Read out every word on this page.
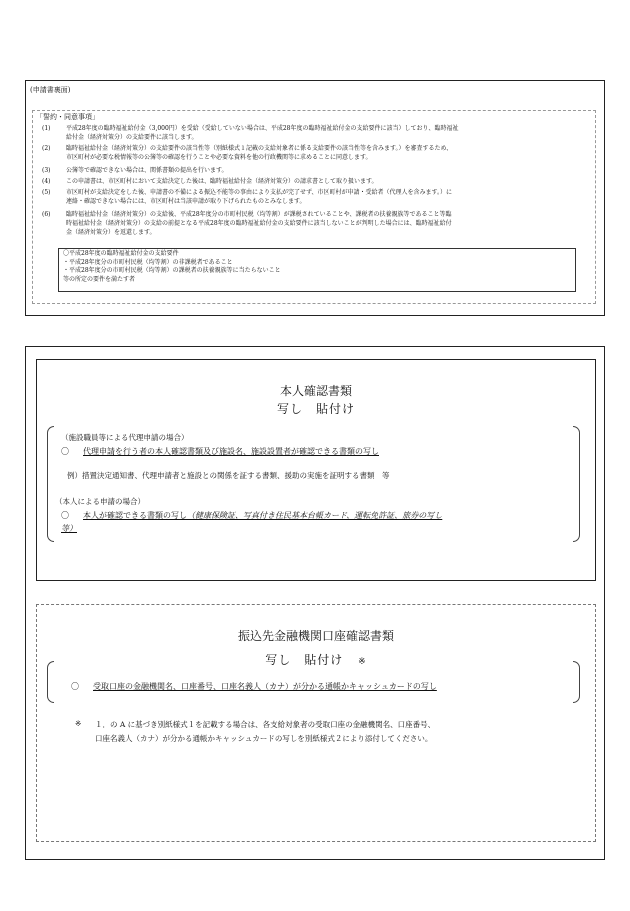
(申請書裏面)
「誓約・同意事項」
(1)	平成28年度の臨時福祉給付金（3,000円）を受給（受給していない場合は、平成28年度の臨時福祉給付金の支給要件に該当）しており、臨時福祉
給付金（経済対策分）の支給要件に該当します。
(2)	臨時福祉給付金（経済対策分）の支給要件の該当性等（別紙様式１記載の支給対象者に係る支給要件の該当性等を含みます。）を審査するため、
市区町村が必要な税情報等の公簿等の確認を行うことや必要な資料を他の行政機関等に求めることに同意します。
(3)	公簿等で確認できない場合は、関係書類の提出を行います。
(4)	この申請書は、市区町村において支給決定した後は、臨時福祉給付金（経済対策分）の請求書として取り扱います。
(5)	市区町村が支給決定をした後、申請書の不備による振込不能等の事由により支払が完了せず、市区町村が申請・受給者（代理人を含みます。）に
連絡・確認できない場合には、市区町村は当該申請が取り下げられたものとみなします。
(6)	臨時福祉給付金（経済対策分）の支給後、平成28年度分の市町村民税（均等割）が課税されていることや、課税者の扶養親族等であること等臨
時福祉給付金（経済対策分）の支給の前提となる平成28年度の臨時福祉給付金の支給要件に該当しないことが判明した場合には、臨時福祉給付
金（経済対策分）を返還します。
〇平成28年度の臨時福祉給付金の支給要件
・平成28年度分の市町村民税（均等割）の非課税者であること
・平成28年度分の市町村民税（均等割）の課税者の扶養親族等に当たらないこと
等の所定の要件を満たす者
本人確認書類
写し　貼付け
（施設職員等による代理申請の場合）
〇 代理申請を行う者の本人確認書類及び施設名、施設設置者が確認できる書類の写し
例）措置決定通知書、代理申請者と施設との関係を証する書類、援助の実施を証明する書類　等
（本人による申請の場合）
〇 本人が確認できる書類の写し（健康保険証、写真付き住民基本台帳カード、運転免許証、旅券の写し
等）
振込先金融機関口座確認書類
写し　貼付け ※
〇 受取口座の金融機関名、口座番号、口座名義人（カナ）が分かる通帳かキャッシュカードの写し
※ １．の A に基づき別紙様式１を記載する場合は、各支給対象者の受取口座の金融機関名、口座番号、
口座名義人（カナ）が分かる通帳かキャッシュカードの写しを別紙様式２により添付してください。
